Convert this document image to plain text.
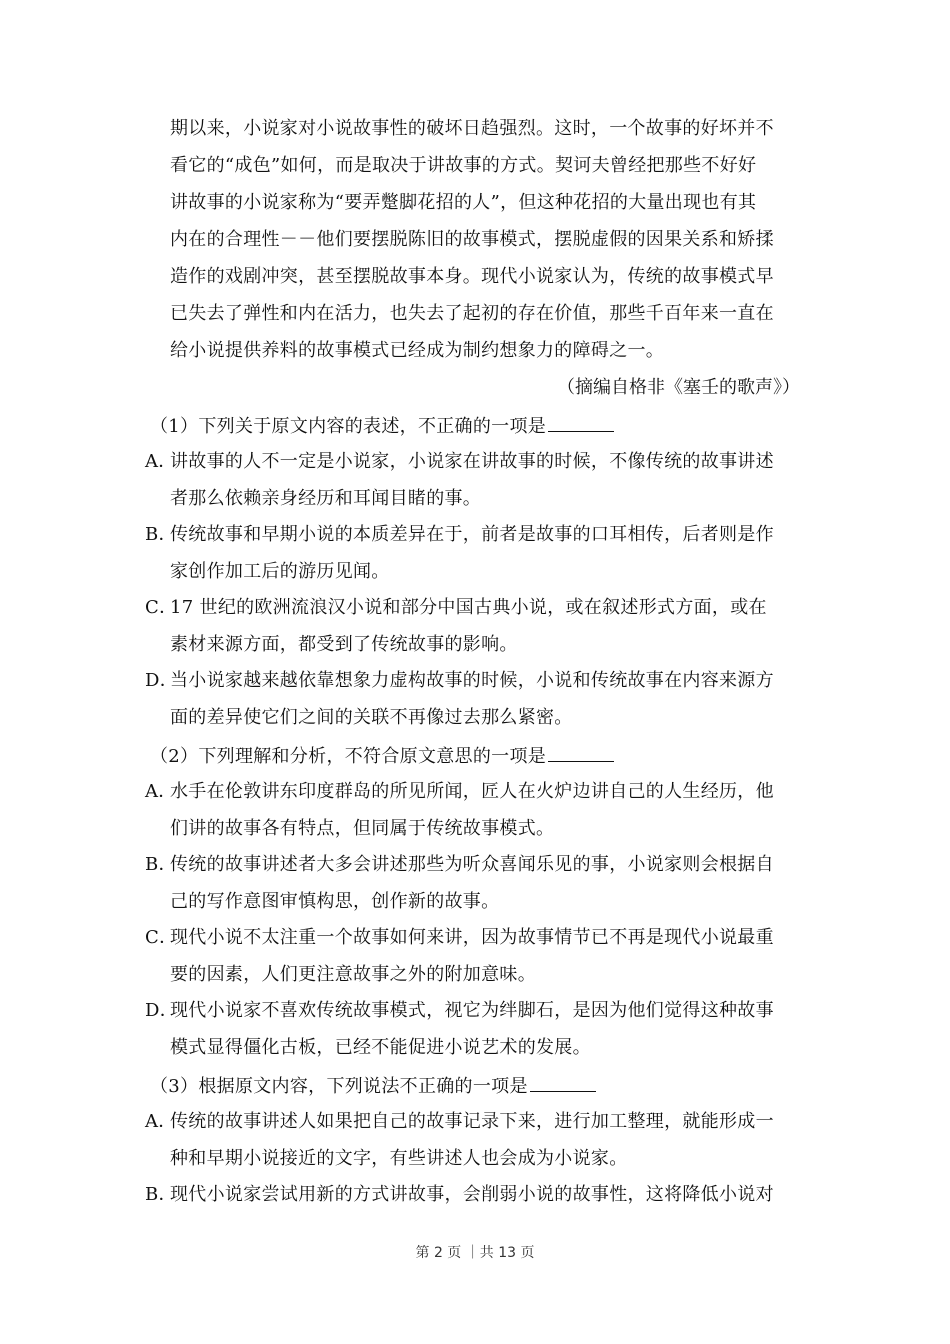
期以来，小说家对小说故事性的破坏日趋强烈。这时，一个故事的好坏并不
看它的“成色”如何，而是取决于讲故事的方式。契诃夫曾经把那些不好好
讲故事的小说家称为“要弄蹩脚花招的人”，但这种花招的大量出现也有其
内在的合理性－－他们要摆脱陈旧的故事模式，摆脱虚假的因果关系和矫揉
造作的戏剧冲突，甚至摆脱故事本身。现代小说家认为，传统的故事模式早
已失去了弹性和内在活力，也失去了起初的存在价值，那些千百年来一直在
给小说提供养料的故事模式已经成为制约想象力的障碍之一。
（摘编自格非《塞壬的歌声》）
（1）下列关于原文内容的表述，不正确的一项是
A．
讲故事的人不一定是小说家，小说家在讲故事的时候，不像传统的故事讲述
者那么依赖亲身经历和耳闻目睹的事。
B．
传统故事和早期小说的本质差异在于，前者是故事的口耳相传，后者则是作
家创作加工后的游历见闻。
C．
17 世纪的欧洲流浪汉小说和部分中国古典小说，或在叙述形式方面，或在
素材来源方面，都受到了传统故事的影响。
D．
当小说家越来越依靠想象力虚构故事的时候，小说和传统故事在内容来源方
面的差异使它们之间的关联不再像过去那么紧密。
（2）下列理解和分析，不符合原文意思的一项是
A．
水手在伦敦讲东印度群岛的所见所闻，匠人在火炉边讲自己的人生经历，他
们讲的故事各有特点，但同属于传统故事模式。
B．
传统的故事讲述者大多会讲述那些为听众喜闻乐见的事，小说家则会根据自
己的写作意图审慎构思，创作新的故事。
C．
现代小说不太注重一个故事如何来讲，因为故事情节已不再是现代小说最重
要的因素，人们更注意故事之外的附加意味。
D．
现代小说家不喜欢传统故事模式，视它为绊脚石，是因为他们觉得这种故事
模式显得僵化古板，已经不能促进小说艺术的发展。
（3）根据原文内容，下列说法不正确的一项是
A．
传统的故事讲述人如果把自己的故事记录下来，进行加工整理，就能形成一
种和早期小说接近的文字，有些讲述人也会成为小说家。
B．
现代小说家尝试用新的方式讲故事，会削弱小说的故事性，这将降低小说对
第 2 页 ｜共 13 页
